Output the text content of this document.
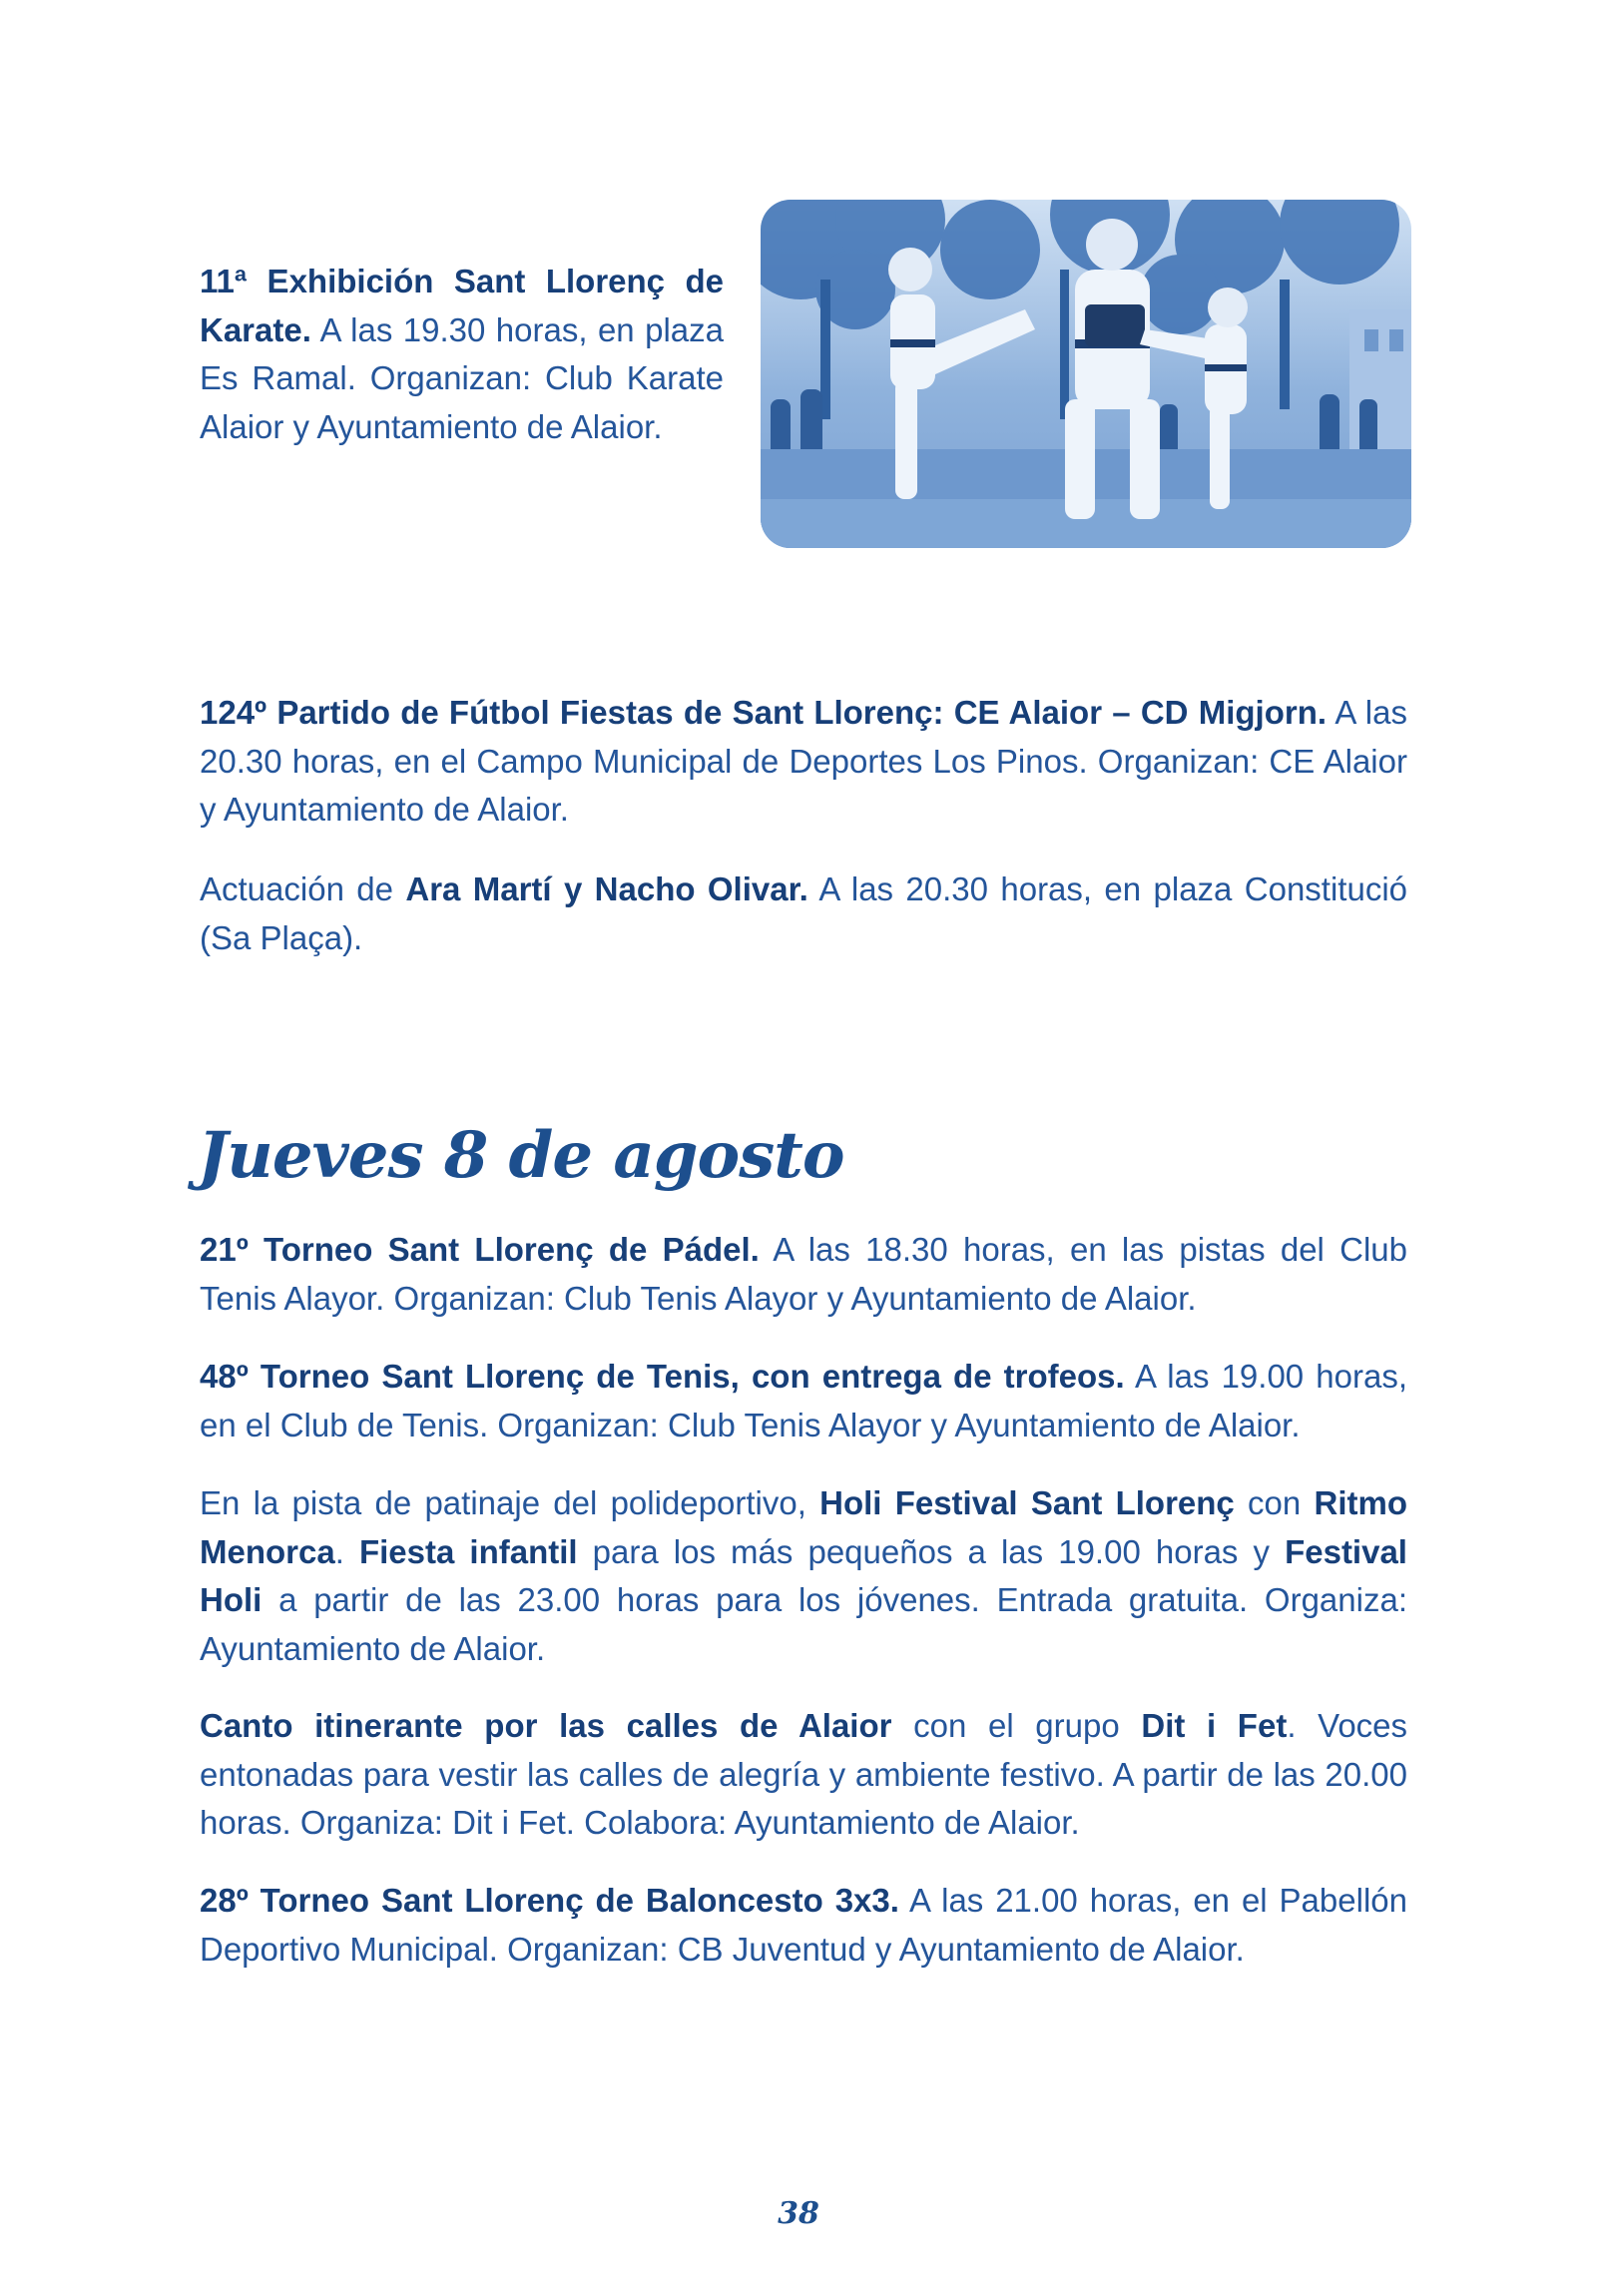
11ª Exhibición Sant Llorenç de Karate. A las 19.30 horas, en plaza Es Ramal. Organizan: Club Karate Alaior y Ayuntamiento de Alaior.

124º Partido de Fútbol Fiestas de Sant Llorenç: CE Alaior – CD Migjorn. A las 20.30 horas, en el Campo Municipal de Deportes Los Pinos. Organizan: CE Alaior y Ayuntamiento de Alaior.

Actuación de Ara Martí y Nacho Olivar. A las 20.30 horas, en plaza Constitució (Sa Plaça).

Jueves 8 de agosto

21º Torneo Sant Llorenç de Pádel. A las 18.30 horas, en las pistas del Club Tenis Alayor. Organizan: Club Tenis Alayor y Ayuntamiento de Alaior.

48º Torneo Sant Llorenç de Tenis, con entrega de trofeos. A las 19.00 horas, en el Club de Tenis. Organizan: Club Tenis Alayor y Ayuntamiento de Alaior.

En la pista de patinaje del polideportivo, Holi Festival Sant Llorenç con Ritmo Menorca. Fiesta infantil para los más pequeños a las 19.00 horas y Festival Holi a partir de las 23.00 horas para los jóvenes. Entrada gratuita. Organiza: Ayuntamiento de Alaior.

Canto itinerante por las calles de Alaior con el grupo Dit i Fet. Voces entonadas para vestir las calles de alegría y ambiente festivo. A partir de las 20.00 horas. Organiza: Dit i Fet. Colabora: Ayuntamiento de Alaior.

28º Torneo Sant Llorenç de Baloncesto 3x3. A las 21.00 horas, en el Pabellón Deportivo Municipal. Organizan: CB Juventud y Ayuntamiento de Alaior.

38
